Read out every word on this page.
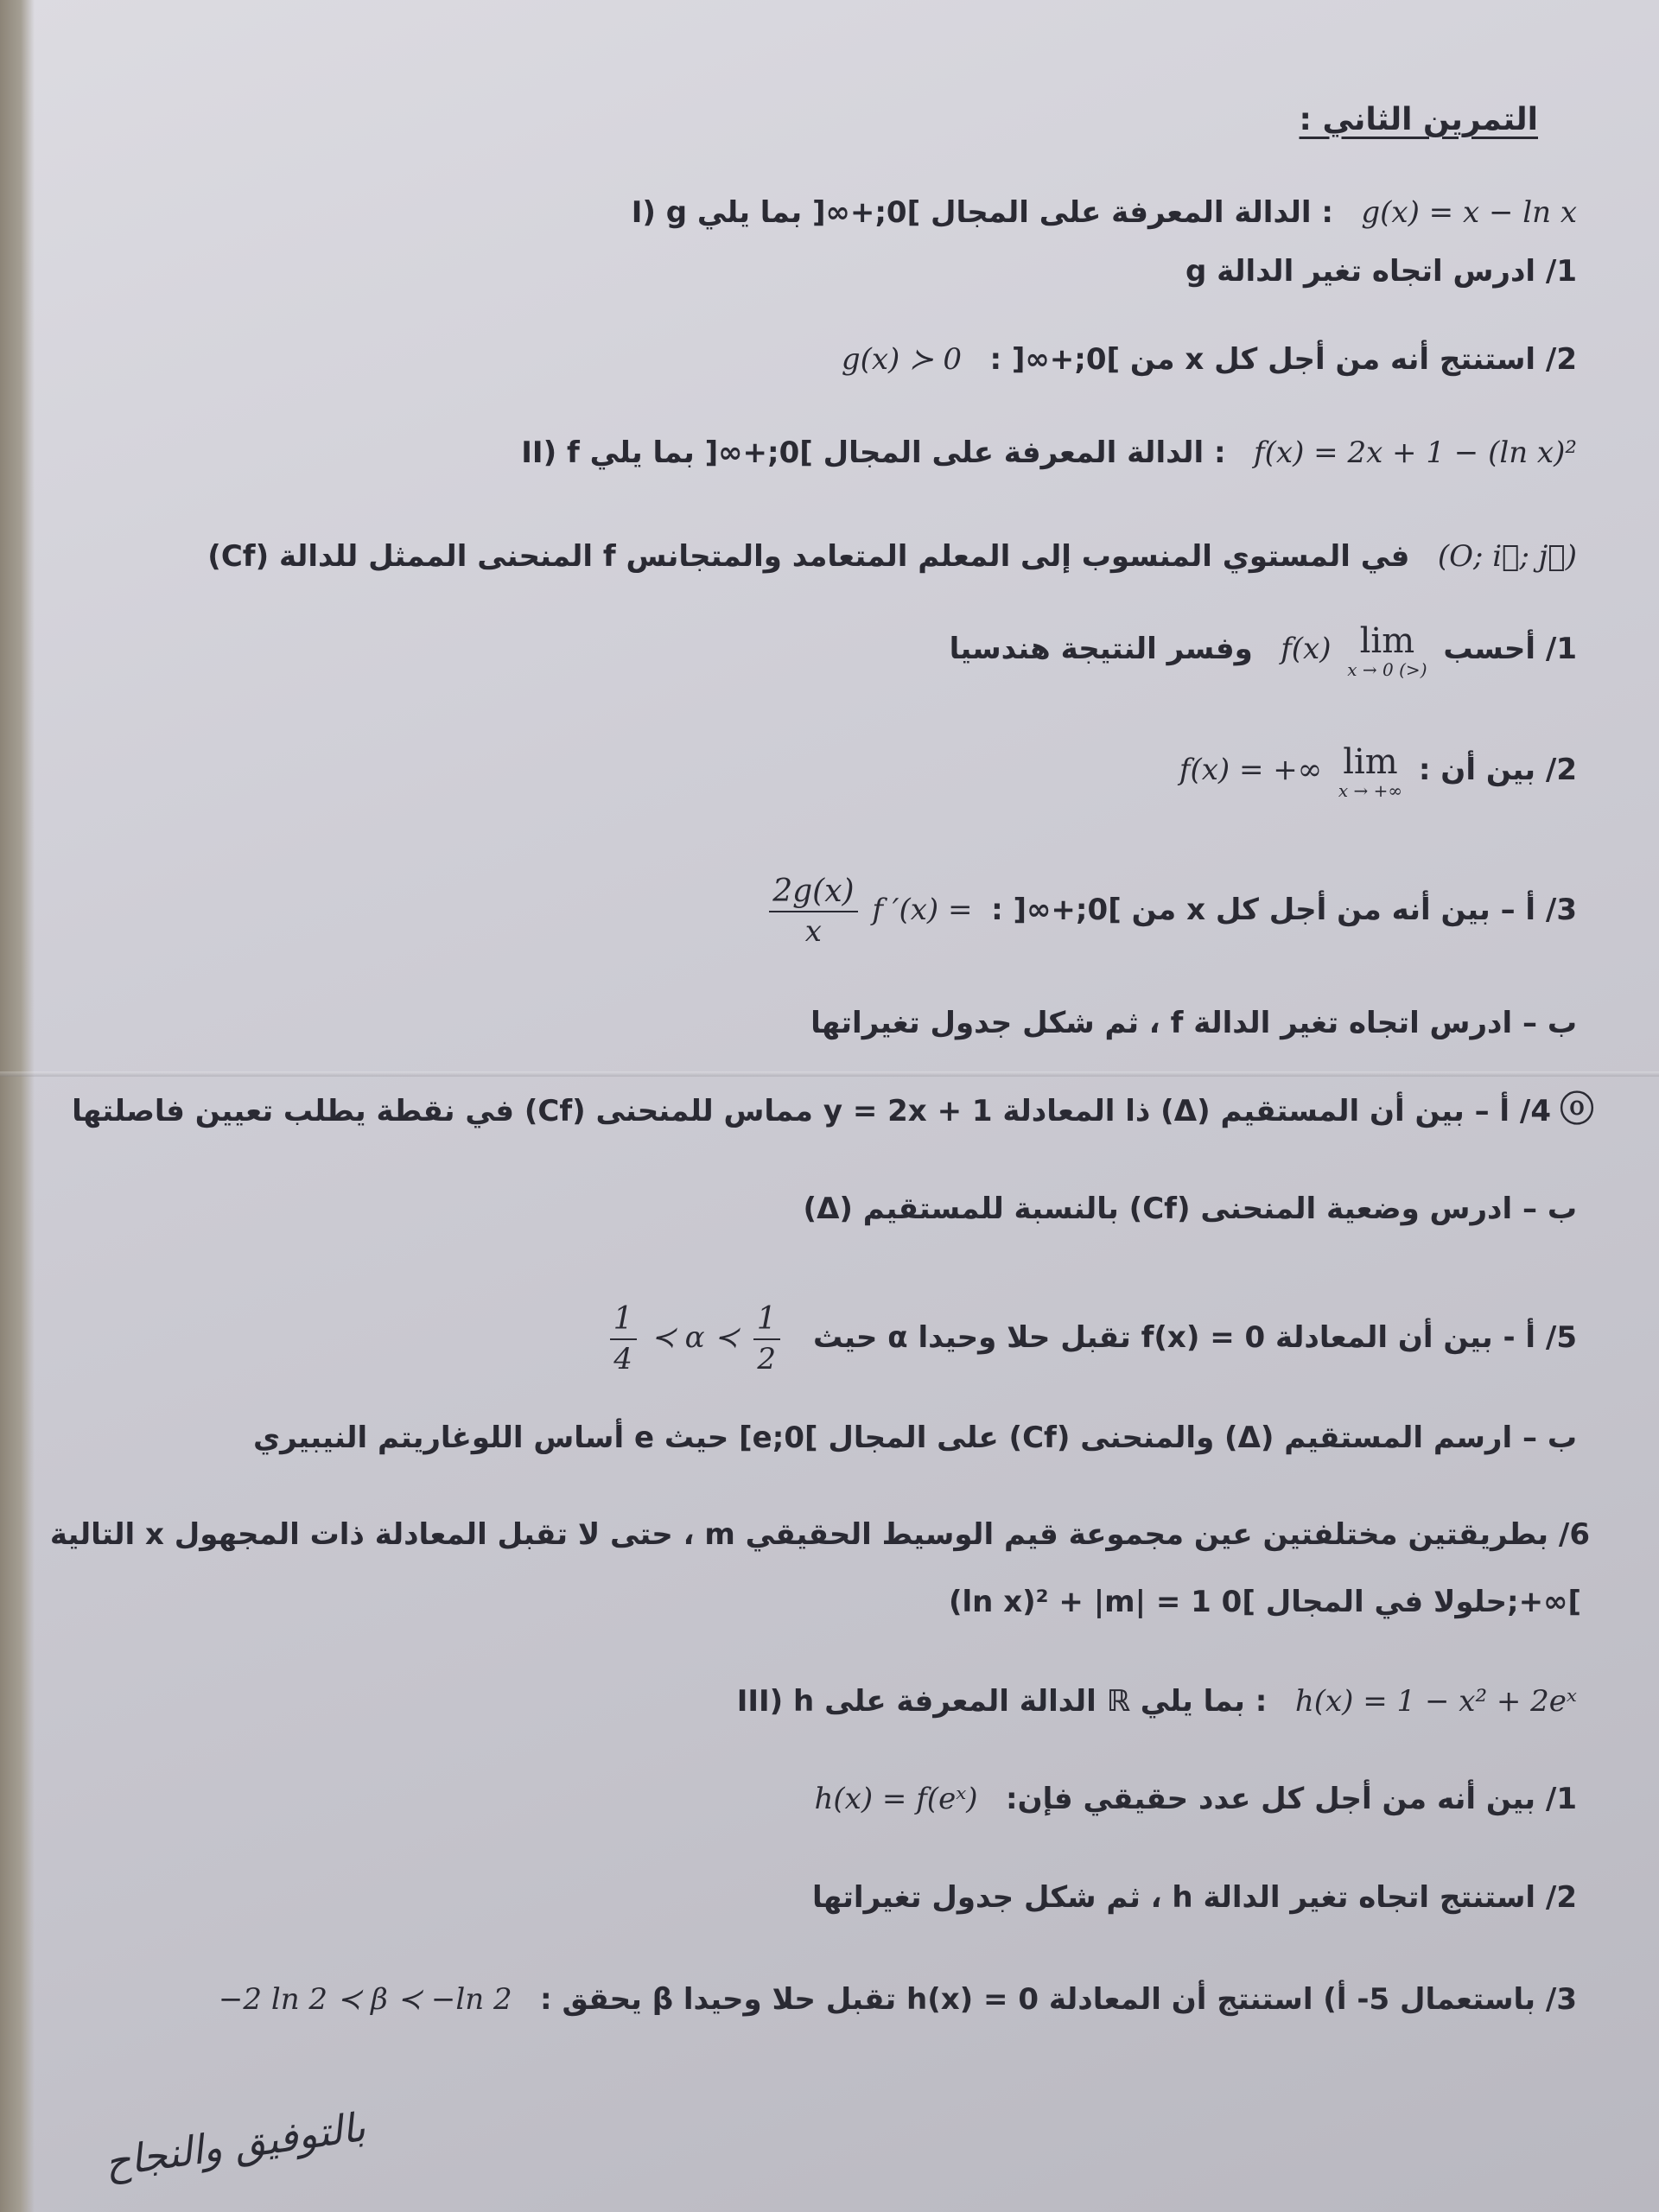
التمرين الثاني :
I) g الدالة المعرفة على المجال ]0;+∞[ بما يلي : g(x) = x − ln x
1/ ادرس اتجاه تغير الدالة g
2/ استنتج أنه من أجل كل x من ]0;+∞[ :   g(x) ≻ 0
II) f الدالة المعرفة على المجال ]0;+∞[ بما يلي : f(x) = 2x + 1 − (ln x)²
(Cf) المنحنى الممثل للدالة f في المستوي المنسوب إلى المعلم المتعامد والمتجانس (O; i⃗; j⃗)
1/ أحسب
lim
x → 0 (>)
f(x)   وفسر النتيجة هندسيا
2/ بين أن :
lim
x → +∞
f(x) = +∞
3/ أ – بين أنه من أجل كل x من ]0;+∞[ :  f ′(x) =
$\frac{2g(x)}{x}$
ب – ادرس اتجاه تغير الدالة f ، ثم شكل جدول تغيراتها
4/ أ – بين أن المستقيم (Δ) ذا المعادلة y = 2x + 1 مماس للمنحنى (Cf) في نقطة يطلب تعيين فاصلتها ⓞ
ب – ادرس وضعية المنحنى (Cf) بالنسبة للمستقيم (Δ)
5/ أ - بين أن المعادلة f(x) = 0 تقبل حلا وحيدا α حيث
$\frac{1}{4}$ ≺ α ≺ $\frac{1}{2}$
ب – ارسم المستقيم (Δ) والمنحنى (Cf) على المجال ]0;e] حيث e أساس اللوغاريتم النيبيري
6/ بطريقتين مختلفتين عين مجموعة قيم الوسيط الحقيقي m ، حتى لا تقبل المعادلة ذات المجهول x التالية
(ln x)² + |m| = 1 حلولا في المجال ]0;+∞[
III) h الدالة المعرفة على ℝ بما يلي : h(x) = 1 − x² + 2eˣ
1/ بين أنه من أجل كل عدد حقيقي فإن:   h(x) = f(eˣ)
2/ استنتج اتجاه تغير الدالة h ، ثم شكل جدول تغيراتها
3/ باستعمال 5- أ) استنتج أن المعادلة h(x) = 0 تقبل حلا وحيدا β يحقق :   −2 ln 2 ≺ β ≺ −ln 2
بالتوفيق والنجاح
